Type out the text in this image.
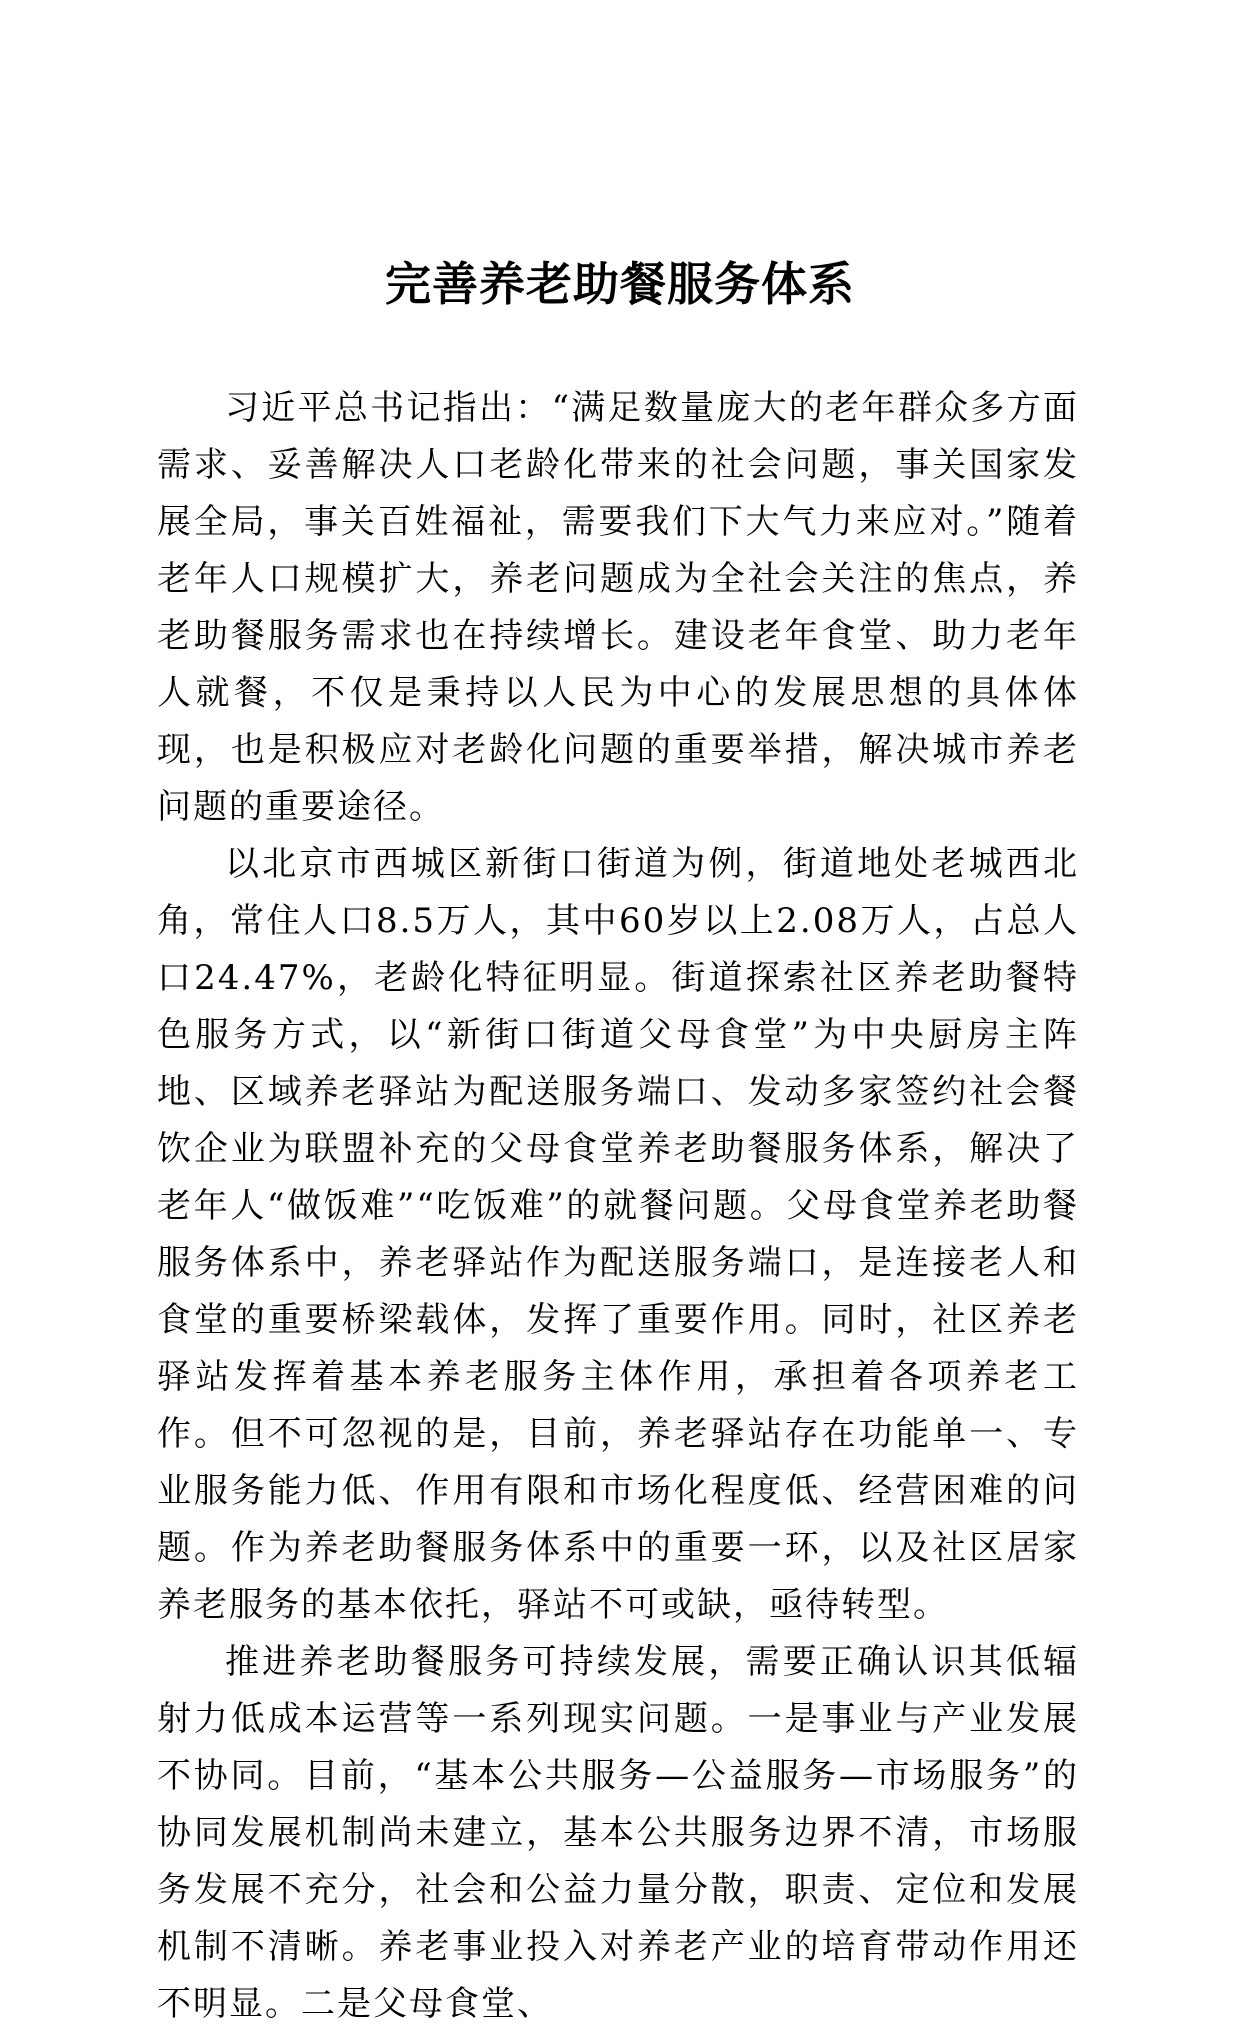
完善养老助餐服务体系

习近平总书记指出：“满足数量庞大的老年群众多方面需求、妥善解决人口老龄化带来的社会问题，事关国家发展全局，事关百姓福祉，需要我们下大气力来应对。”随着老年人口规模扩大，养老问题成为全社会关注的焦点，养老助餐服务需求也在持续增长。建设老年食堂、助力老年人就餐，不仅是秉持以人民为中心的发展思想的具体体现，也是积极应对老龄化问题的重要举措，解决城市养老问题的重要途径。

以北京市西城区新街口街道为例，街道地处老城西北角，常住人口8.5万人，其中60岁以上2.08万人，占总人口24.47%，老龄化特征明显。街道探索社区养老助餐特色服务方式，以“新街口街道父母食堂”为中央厨房主阵地、区域养老驿站为配送服务端口、发动多家签约社会餐饮企业为联盟补充的父母食堂养老助餐服务体系，解决了老年人“做饭难”“吃饭难”的就餐问题。父母食堂养老助餐服务体系中，养老驿站作为配送服务端口，是连接老人和食堂的重要桥梁载体，发挥了重要作用。同时，社区养老驿站发挥着基本养老服务主体作用，承担着各项养老工作。但不可忽视的是，目前，养老驿站存在功能单一、专业服务能力低、作用有限和市场化程度低、经营困难的问题。作为养老助餐服务体系中的重要一环，以及社区居家养老服务的基本依托，驿站不可或缺，亟待转型。

推进养老助餐服务可持续发展，需要正确认识其低辐射力低成本运营等一系列现实问题。一是事业与产业发展不协同。目前，“基本公共服务—公益服务—市场服务”的协同发展机制尚未建立，基本公共服务边界不清，市场服务发展不充分，社会和公益力量分散，职责、定位和发展机制不清晰。养老事业投入对养老产业的培育带动作用还不明显。二是父母食堂、
